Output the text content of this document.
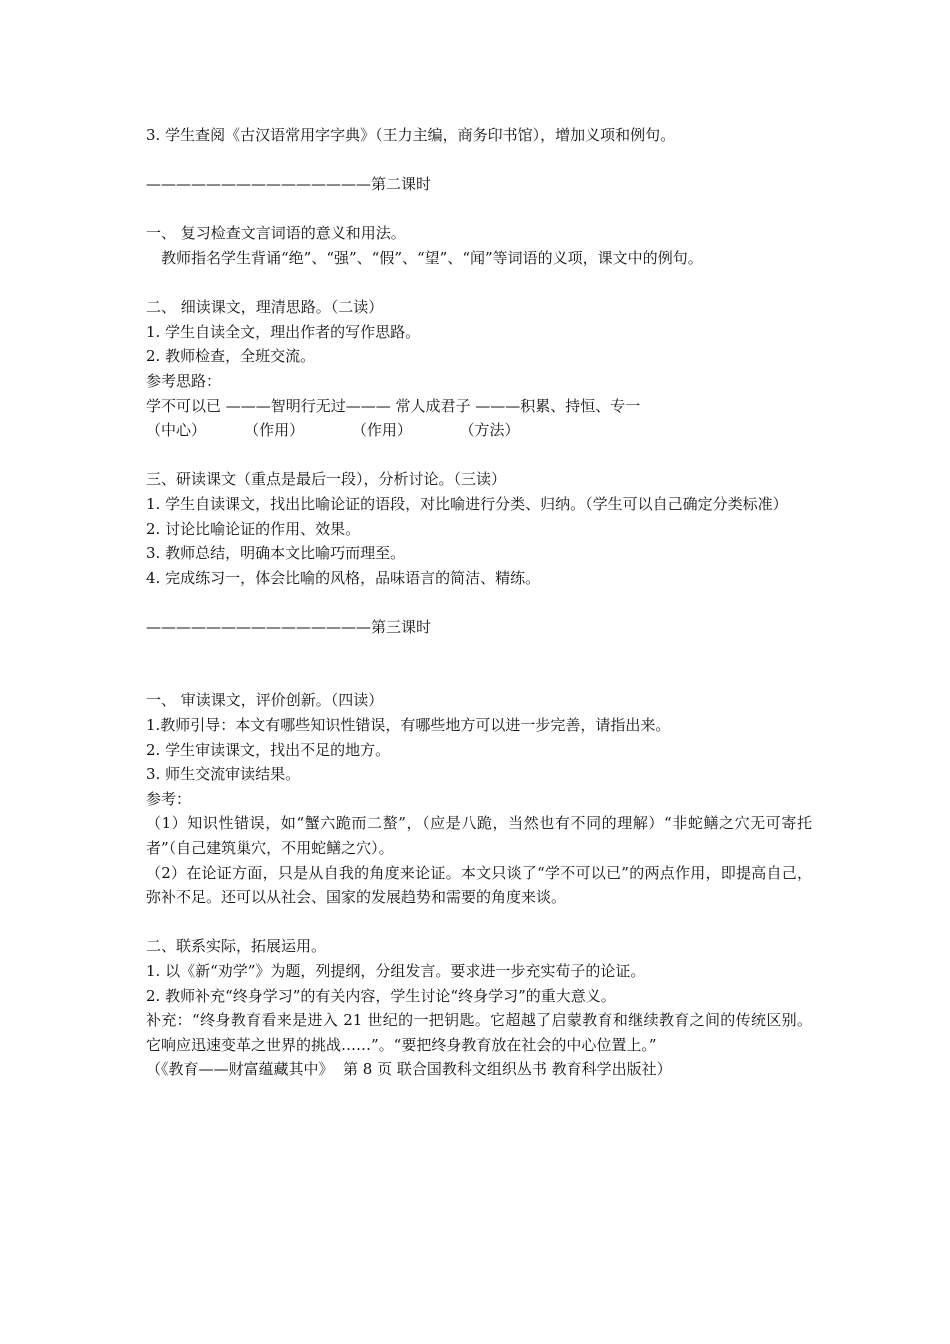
3. 学生查阅《古汉语常用字字典》（王力主编，商务印书馆），增加义项和例句。
———————————————第二课时
一、 复习检查文言词语的意义和用法。
教师指名学生背诵“绝”、“强”、“假”、“望”、“闻”等词语的义项，课文中的例句。
二、 细读课文，理清思路。（二读）
1. 学生自读全文，理出作者的写作思路。
2. 教师检查，全班交流。
参考思路：
学不可以已 ———智明行无过——— 常人成君子 ———积累、持恒、专一
（中心）        （作用）          （作用）          （方法）
三、研读课文（重点是最后一段），分析讨论。（三读）
1. 学生自读课文，找出比喻论证的语段，对比喻进行分类、归纳。（学生可以自己确定分类标准）
2. 讨论比喻论证的作用、效果。
3. 教师总结，明确本文比喻巧而理至。
4. 完成练习一，体会比喻的风格，品味语言的简洁、精练。
———————————————第三课时
一、 审读课文，评价创新。（四读）
1.教师引导：本文有哪些知识性错误，有哪些地方可以进一步完善，请指出来。
2. 学生审读课文，找出不足的地方。
3. 师生交流审读结果。
参考：
（1）知识性错误，如“蟹六跪而二螯”，（应是八跪，当然也有不同的理解）“非蛇鳝之穴无可寄托者”（自己建筑巢穴，不用蛇鳝之穴）。
（2）在论证方面，只是从自我的角度来论证。本文只谈了“学不可以已”的两点作用，即提高自己，弥补不足。还可以从社会、国家的发展趋势和需要的角度来谈。
二、联系实际，拓展运用。
1. 以《新“劝学”》为题，列提纲，分组发言。要求进一步充实荀子的论证。
2. 教师补充“终身学习”的有关内容，学生讨论“终身学习”的重大意义。
补充：“终身教育看来是进入 21 世纪的一把钥匙。它超越了启蒙教育和继续教育之间的传统区别。它响应迅速变革之世界的挑战……”。“要把终身教育放在社会的中心位置上。”
（《教育——财富蕴藏其中》  第 8 页 联合国教科文组织丛书 教育科学出版社）
